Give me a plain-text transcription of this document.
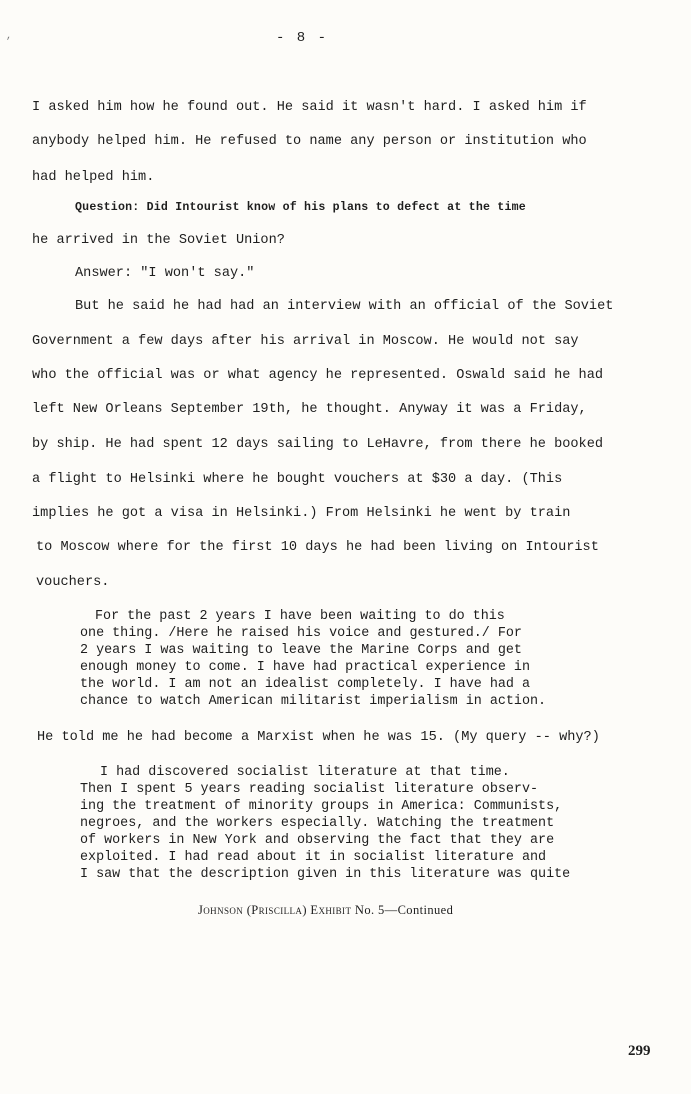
,	- 8 -
I asked him how he found out. He said it wasn't hard. I asked him if
anybody helped him. He refused to name any person or institution who
had helped him.
Question: Did Intourist know of his plans to defect at the time
he arrived in the Soviet Union?
Answer: "I won't say."
But he said he had had an interview with an official of the Soviet
Government a few days after his arrival in Moscow. He would not say
who the official was or what agency he represented. Oswald said he had
left New Orleans September 19th, he thought. Anyway it was a Friday,
by ship. He had spent 12 days sailing to LeHavre, from there he booked
a flight to Helsinki where he bought vouchers at $30 a day. (This
implies he got a visa in Helsinki.) From Helsinki he went by train
to Moscow where for the first 10 days he had been living on Intourist
vouchers.
For the past 2 years I have been waiting to do this
one thing. /Here he raised his voice and gestured./ For
2 years I was waiting to leave the Marine Corps and get
enough money to come. I have had practical experience in
the world. I am not an idealist completely. I have had a
chance to watch American militarist imperialism in action.
He told me he had become a Marxist when he was 15. (My query -- why?)
I had discovered socialist literature at that time.
Then I spent 5 years reading socialist literature observ-
ing the treatment of minority groups in America: Communists,
negroes, and the workers especially. Watching the treatment
of workers in New York and observing the fact that they are
exploited. I had read about it in socialist literature and
I saw that the description given in this literature was quite
Johnson (Priscilla) Exhibit No. 5—Continued
299
